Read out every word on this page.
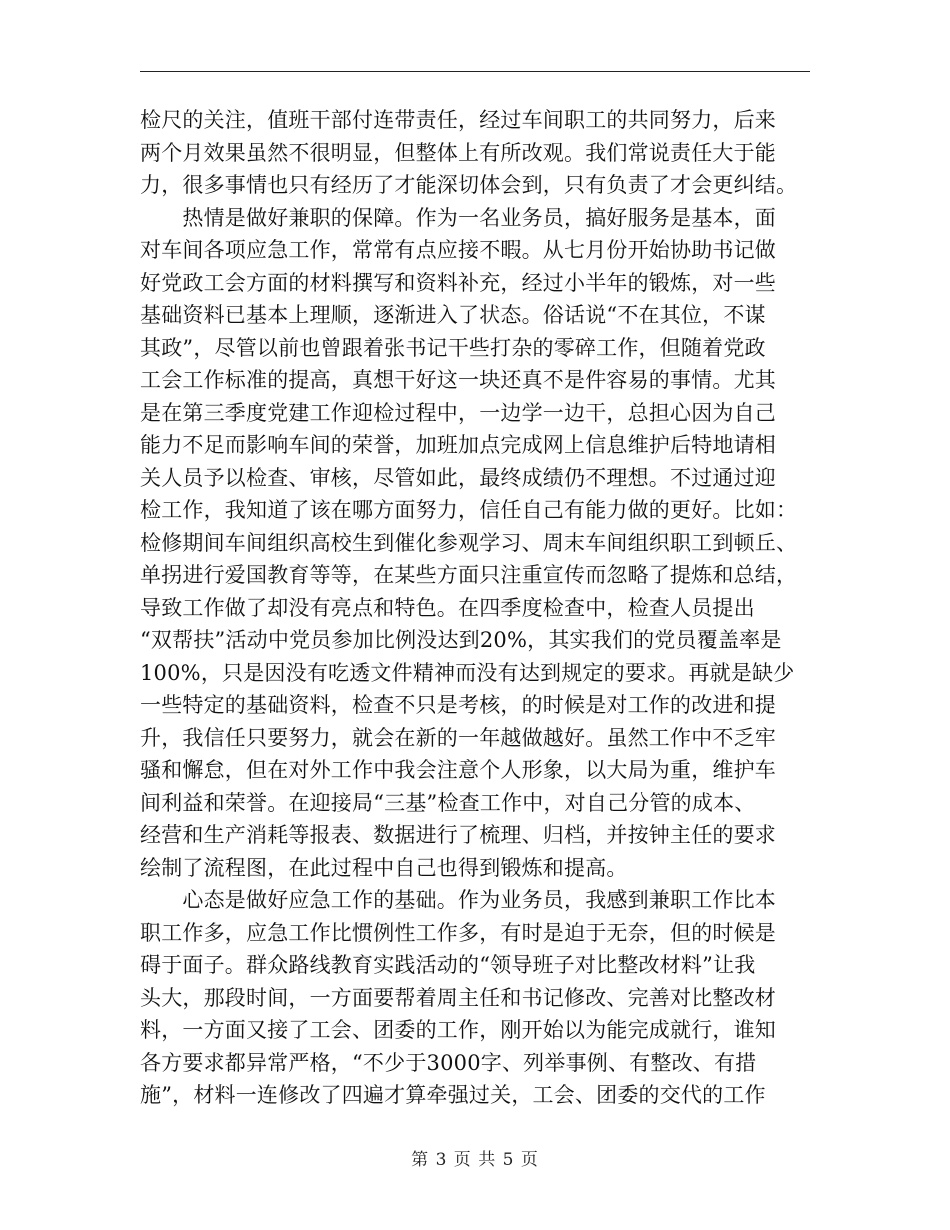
检尺的关注，值班干部付连带责任，经过车间职工的共同努力，后来
两个月效果虽然不很明显，但整体上有所改观。我们常说责任大于能
力，很多事情也只有经历了才能深切体会到，只有负责了才会更纠结。
　　热情是做好兼职的保障。作为一名业务员，搞好服务是基本，面
对车间各项应急工作，常常有点应接不暇。从七月份开始协助书记做
好党政工会方面的材料撰写和资料补充，经过小半年的锻炼，对一些
基础资料已基本上理顺，逐渐进入了状态。俗话说“不在其位，不谋
其政”，尽管以前也曾跟着张书记干些打杂的零碎工作，但随着党政
工会工作标准的提高，真想干好这一块还真不是件容易的事情。尤其
是在第三季度党建工作迎检过程中，一边学一边干，总担心因为自己
能力不足而影响车间的荣誉，加班加点完成网上信息维护后特地请相
关人员予以检查、审核，尽管如此，最终成绩仍不理想。不过通过迎
检工作，我知道了该在哪方面努力，信任自己有能力做的更好。比如：
检修期间车间组织高校生到催化参观学习、周末车间组织职工到顿丘、
单拐进行爱国教育等等，在某些方面只注重宣传而忽略了提炼和总结，
导致工作做了却没有亮点和特色。在四季度检查中，检查人员提出
“双帮扶”活动中党员参加比例没达到20%，其实我们的党员覆盖率是
100%，只是因没有吃透文件精神而没有达到规定的要求。再就是缺少
一些特定的基础资料，检查不只是考核，的时候是对工作的改进和提
升，我信任只要努力，就会在新的一年越做越好。虽然工作中不乏牢
骚和懈怠，但在对外工作中我会注意个人形象，以大局为重，维护车
间利益和荣誉。在迎接局“三基”检查工作中，对自己分管的成本、
经营和生产消耗等报表、数据进行了梳理、归档，并按钟主任的要求
绘制了流程图，在此过程中自己也得到锻炼和提高。
　　心态是做好应急工作的基础。作为业务员，我感到兼职工作比本
职工作多，应急工作比惯例性工作多，有时是迫于无奈，但的时候是
碍于面子。群众路线教育实践活动的“领导班子对比整改材料”让我
头大，那段时间，一方面要帮着周主任和书记修改、完善对比整改材
料，一方面又接了工会、团委的工作，刚开始以为能完成就行，谁知
各方要求都异常严格，“不少于3000字、列举事例、有整改、有措
施”，材料一连修改了四遍才算牵强过关，工会、团委的交代的工作
第 3 页 共 5 页
